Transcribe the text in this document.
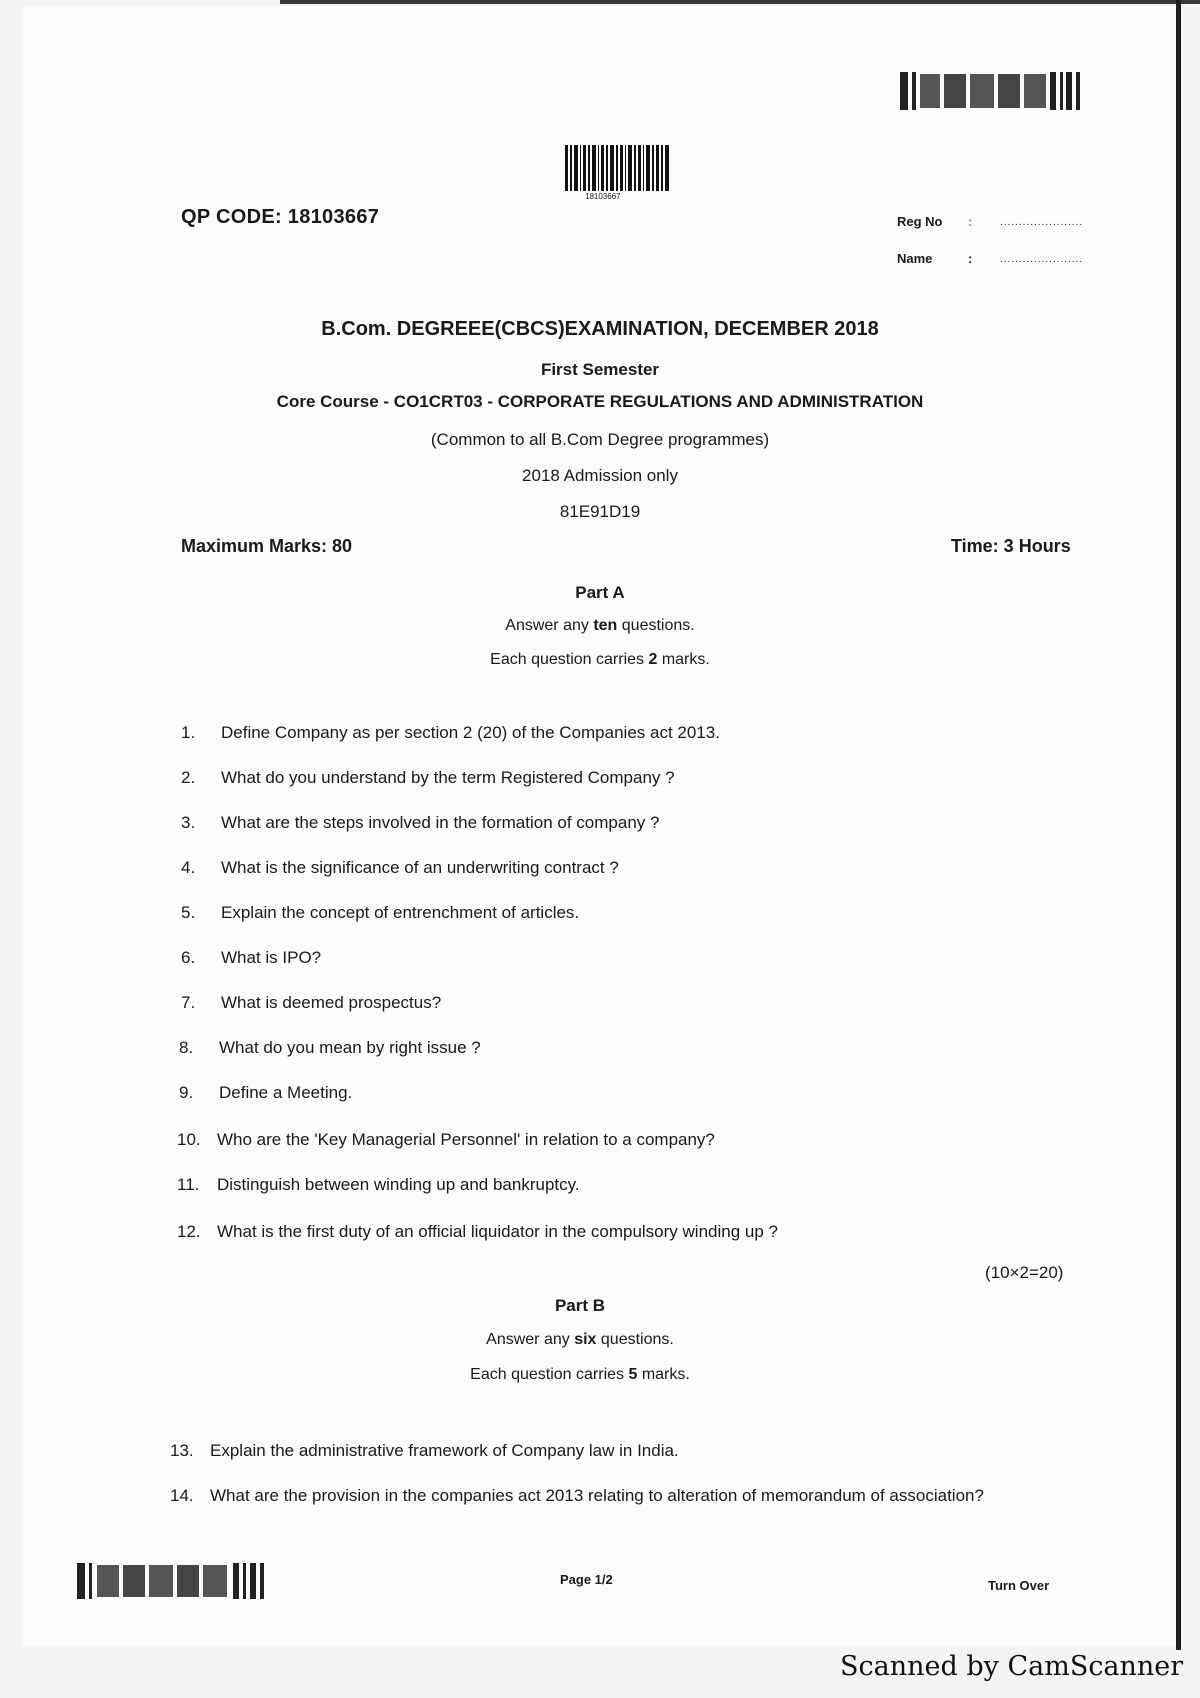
18103667
QP CODE: 18103667	Reg No :	......................
Name	:	......................
B.Com. DEGREEE(CBCS)EXAMINATION, DECEMBER 2018
First Semester
Core Course - CO1CRT03 - CORPORATE REGULATIONS AND ADMINISTRATION
(Common to all B.Com Degree programmes)
2018 Admission only
81E91D19
Maximum Marks: 80	Time: 3 Hours
Part A
Answer any ten questions.
Each question carries 2 marks.
1. Define Company as per section 2 (20) of the Companies act 2013.
2. What do you understand by the term Registered Company ?
3. What are the steps involved in the formation of company ?
4. What is the significance of an underwriting contract ?
5. Explain the concept of entrenchment of articles.
6. What is IPO?
7. What is deemed prospectus?
8. What do you mean by right issue ?
9. Define a Meeting.
10. Who are the 'Key Managerial Personnel' in relation to a company?
11. Distinguish between winding up and bankruptcy.
12. What is the first duty of an official liquidator in the compulsory winding up ?
(10×2=20)
Part B
Answer any six questions.
Each question carries 5 marks.
13. Explain the administrative framework of Company law in India.
14. What are the provision in the companies act 2013 relating to alteration of memorandum of association?
Page 1/2	Turn Over
Scanned by CamScanner
